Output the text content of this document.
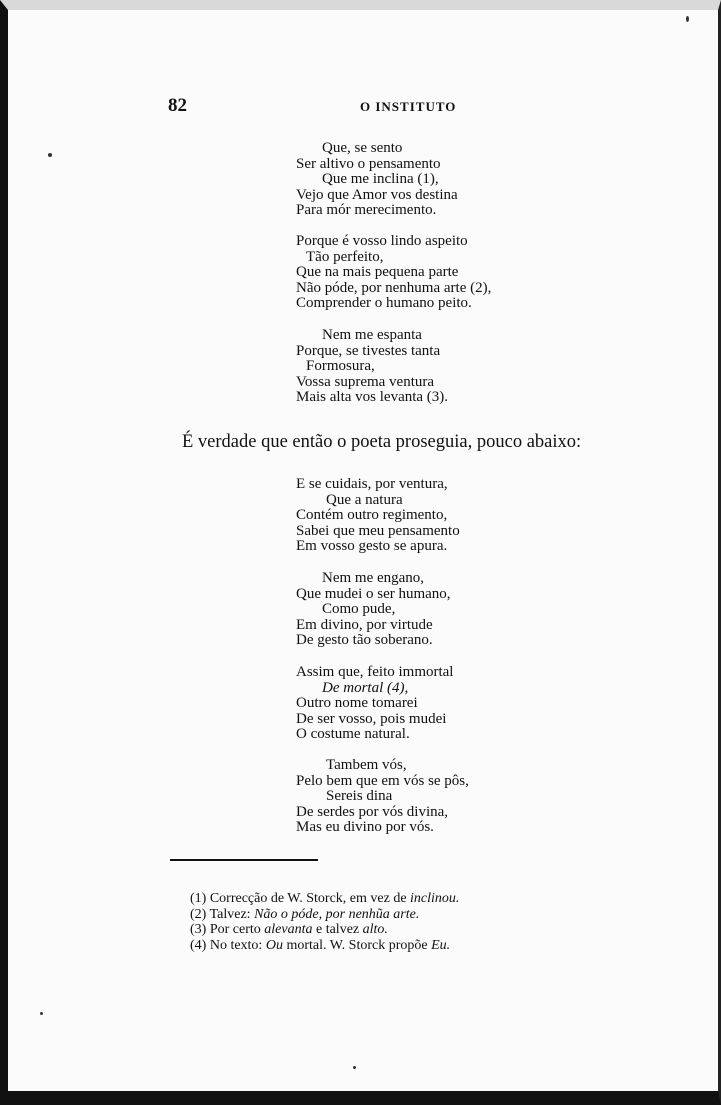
82	O INSTITUTO
Que, se sento
Ser altivo o pensamento
Que me inclina (1),
Vejo que Amor vos destina
Para mór merecimento.
Porque é vosso lindo aspeito
Tão perfeito,
Que na mais pequena parte
Não póde, por nenhuma arte (2),
Comprender o humano peito.
Nem me espanta
Porque, se tivestes tanta
Formosura,
Vossa suprema ventura
Mais alta vos levanta (3).
É verdade que então o poeta proseguia, pouco abaixo:
E se cuidais, por ventura,
Que a natura
Contém outro regimento,
Sabei que meu pensamento
Em vosso gesto se apura.
Nem me engano,
Que mudei o ser humano,
Como pude,
Em divino, por virtude
De gesto tão soberano.
Assim que, feito immortal
De mortal (4),
Outro nome tomarei
De ser vosso, pois mudei
O costume natural.
Tambem vós,
Pelo bem que em vós se pôs,
Sereis dina
De serdes por vós divina,
Mas eu divino por vós.
(1) Correcção de W. Storck, em vez de inclinou.
(2) Talvez: Não o póde, por nenhũa arte.
(3) Por certo alevanta e talvez alto.
(4) No texto: Ou mortal. W. Storck propõe Eu.
